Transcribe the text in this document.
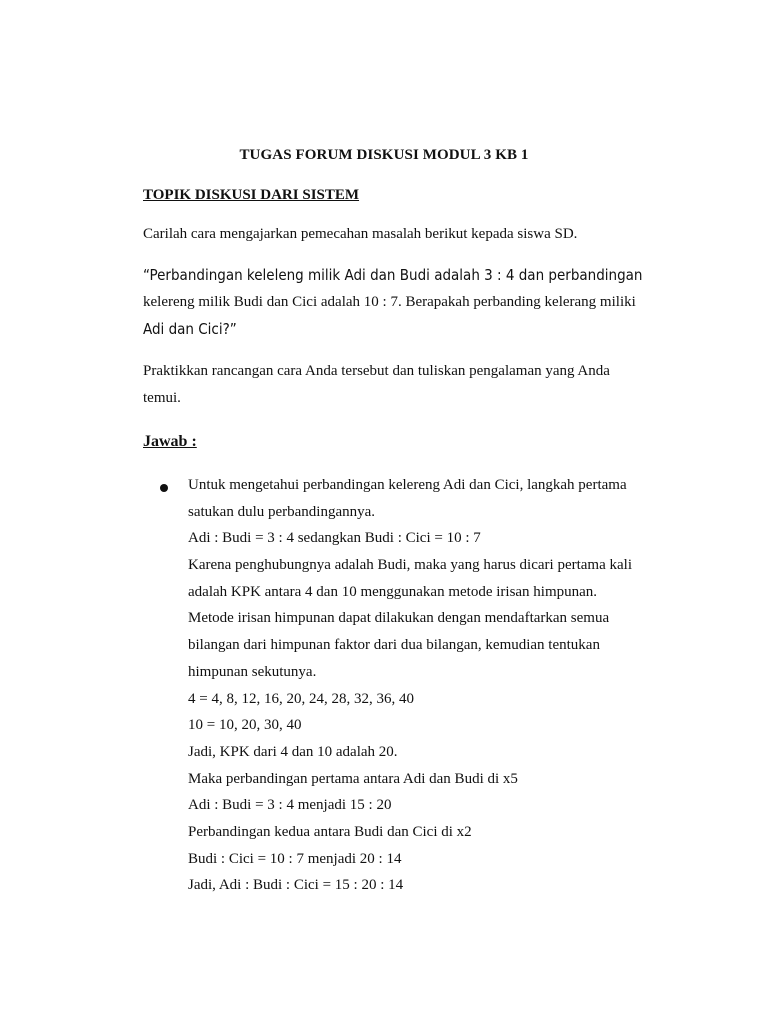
TUGAS FORUM DISKUSI MODUL 3 KB 1
TOPIK DISKUSI DARI SISTEM
Carilah cara mengajarkan pemecahan masalah berikut kepada siswa SD.
“Perbandingan keleleng milik Adi dan Budi adalah 3 : 4 dan perbandingan
kelereng milik Budi dan Cici adalah 10 : 7. Berapakah perbanding kelerang miliki
Adi dan Cici?”
Praktikkan rancangan cara Anda tersebut dan tuliskan pengalaman yang Anda
temui.
Jawab :
Untuk mengetahui perbandingan kelereng Adi dan Cici, langkah pertama
satukan dulu perbandingannya.
Adi : Budi = 3 : 4 sedangkan Budi : Cici = 10 : 7
Karena penghubungnya adalah Budi, maka yang harus dicari pertama kali
adalah KPK antara 4 dan 10 menggunakan metode irisan himpunan.
Metode irisan himpunan dapat dilakukan dengan mendaftarkan semua
bilangan dari himpunan faktor dari dua bilangan, kemudian tentukan
himpunan sekutunya.
4 = 4, 8, 12, 16, 20, 24, 28, 32, 36, 40
10 = 10, 20, 30, 40
Jadi, KPK dari 4 dan 10 adalah 20.
Maka perbandingan pertama antara Adi dan Budi di x5
Adi : Budi = 3 : 4 menjadi 15 : 20
Perbandingan kedua antara Budi dan Cici di x2
Budi : Cici = 10 : 7 menjadi 20 : 14
Jadi, Adi : Budi : Cici = 15 : 20 : 14
